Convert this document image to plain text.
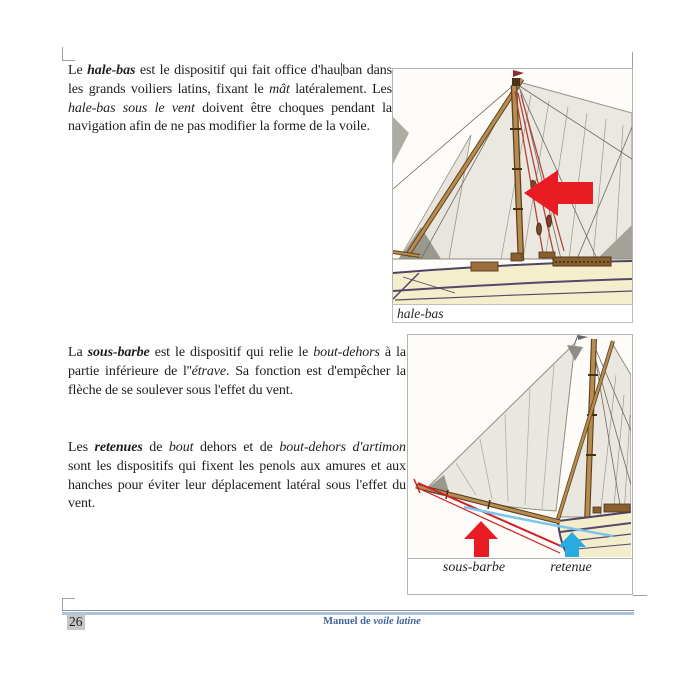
Le hale-bas est le dispositif qui fait office d'hau ban dans les grands voiliers latins, fixant le mât latéralement. Les hale-bas sous le vent doivent être choques pendant la navigation afin de ne pas modifier la forme de la voile.
La sous-barbe est le dispositif qui relie le bout-dehors à la partie inférieure de l''étrave. Sa fonction est d'empêcher la flèche de se soulever sous l'effet du vent.
Les retenues de bout dehors et de bout-dehors d'artimon sont les dispositifs qui fixent les penols aux amures et aux hanches pour éviter leur déplacement latéral sous l'effet du vent.
hale-bas
sous-barbe	retenue
26	Manuel de voile latine
